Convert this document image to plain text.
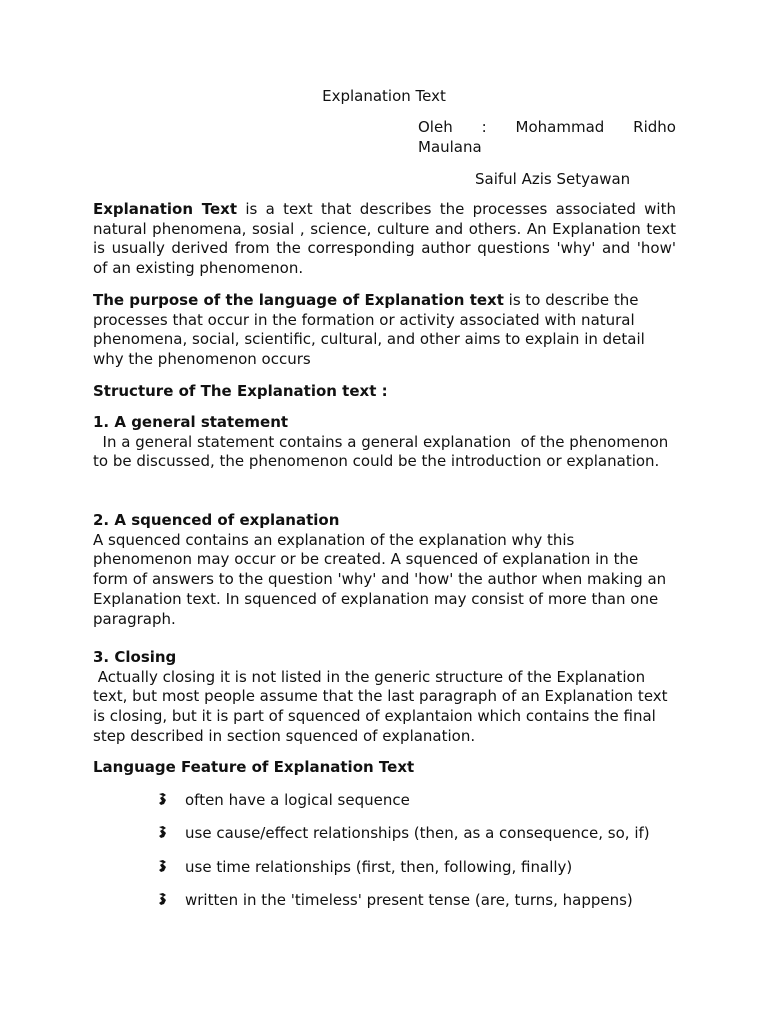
Explanation Text
Oleh : Mohammad Ridho
Maulana
Saiful Azis Setyawan

Explanation Text is a text that describes the processes associated with natural phenomena, sosial , science, culture and others. An Explanation text is usually derived from the corresponding author questions 'why' and 'how' of an existing phenomenon.

The purpose of the language of Explanation text is to describe the processes that occur in the formation or activity associated with natural phenomena, social, scientific, cultural, and other aims to explain in detail why the phenomenon occurs

Structure of The Explanation text :
1. A general statement
In a general statement contains a general explanation  of the phenomenon to be discussed, the phenomenon could be the introduction or explanation.
2. A squenced of explanation
A squenced contains an explanation of the explanation why this phenomenon may occur or be created. A squenced of explanation in the form of answers to the question 'why' and 'how' the author when making an Explanation text. In squenced of explanation may consist of more than one paragraph.
3. Closing
Actually closing it is not listed in the generic structure of the Explanation text, but most people assume that the last paragraph of an Explanation text is closing, but it is part of squenced of explantaion which contains the final step described in section squenced of explanation.
Language Feature of Explanation Text
often have a logical sequence
use cause/effect relationships (then, as a consequence, so, if)
use time relationships (first, then, following, finally)
written in the 'timeless' present tense (are, turns, happens)
